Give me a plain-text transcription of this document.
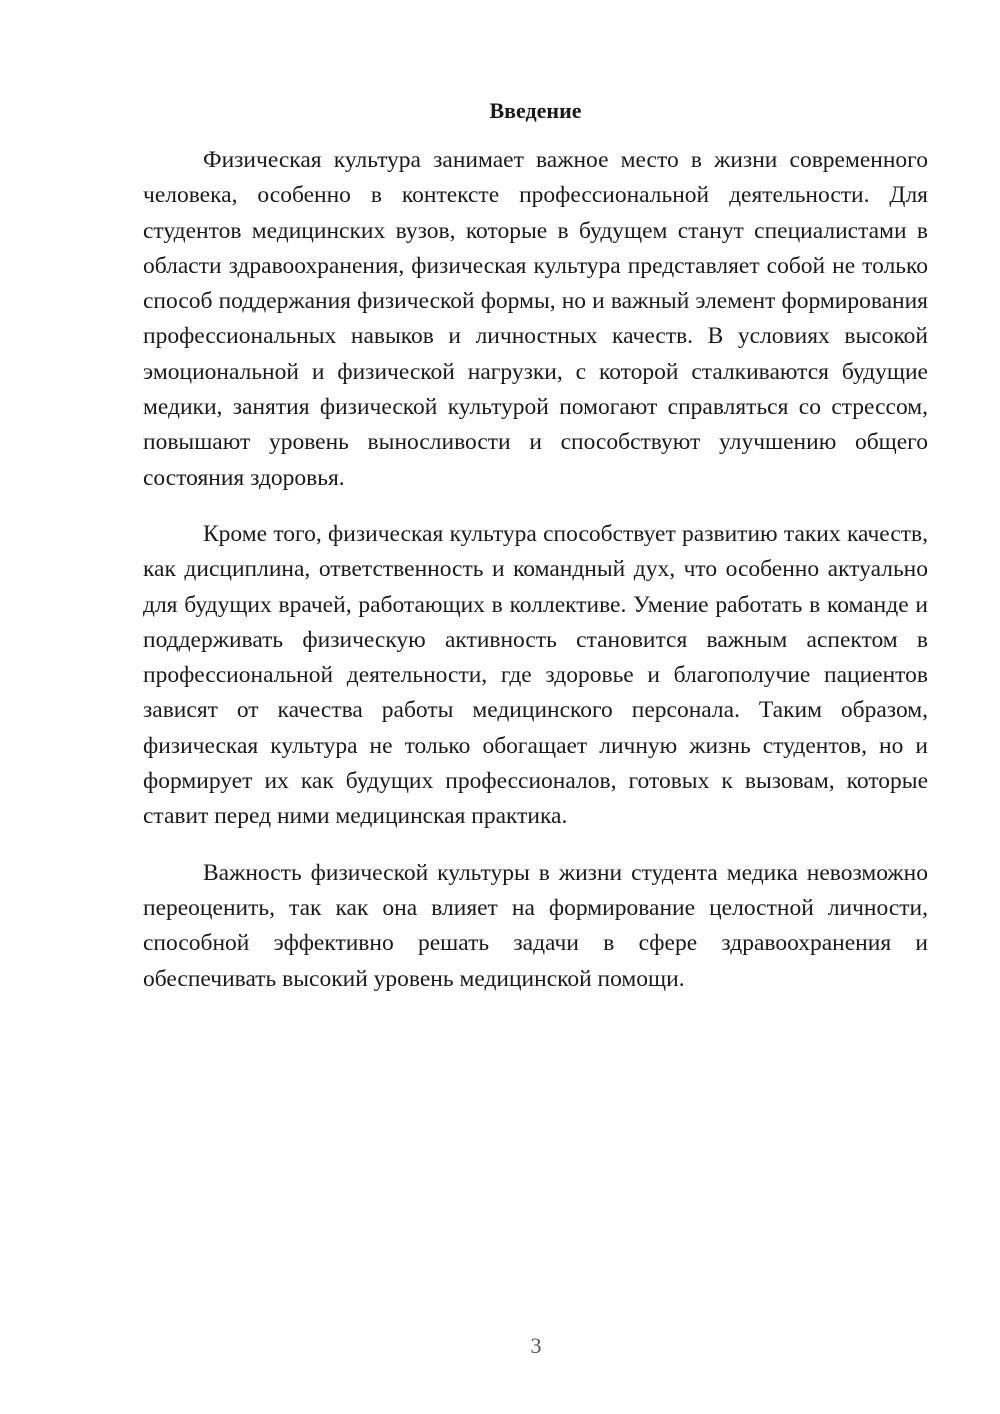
Введение

Физическая культура занимает важное место в жизни современного человека, особенно в контексте профессиональной деятельности. Для студентов медицинских вузов, которые в будущем станут специалистами в области здравоохранения, физическая культура представляет собой не только способ поддержания физической формы, но и важный элемент формирования профессиональных навыков и личностных качеств. В условиях высокой эмоциональной и физической нагрузки, с которой сталкиваются будущие медики, занятия физической культурой помогают справляться со стрессом, повышают уровень выносливости и способствуют улучшению общего состояния здоровья.

Кроме того, физическая культура способствует развитию таких качеств, как дисциплина, ответственность и командный дух, что особенно актуально для будущих врачей, работающих в коллективе. Умение работать в команде и поддерживать физическую активность становится важным аспектом в профессиональной деятельности, где здоровье и благополучие пациентов зависят от качества работы медицинского персонала. Таким образом, физическая культура не только обогащает личную жизнь студентов, но и формирует их как будущих профессионалов, готовых к вызовам, которые ставит перед ними медицинская практика.

Важность физической культуры в жизни студента медика невозможно переоценить, так как она влияет на формирование целостной личности, способной эффективно решать задачи в сфере здравоохранения и обеспечивать высокий уровень медицинской помощи.

3
